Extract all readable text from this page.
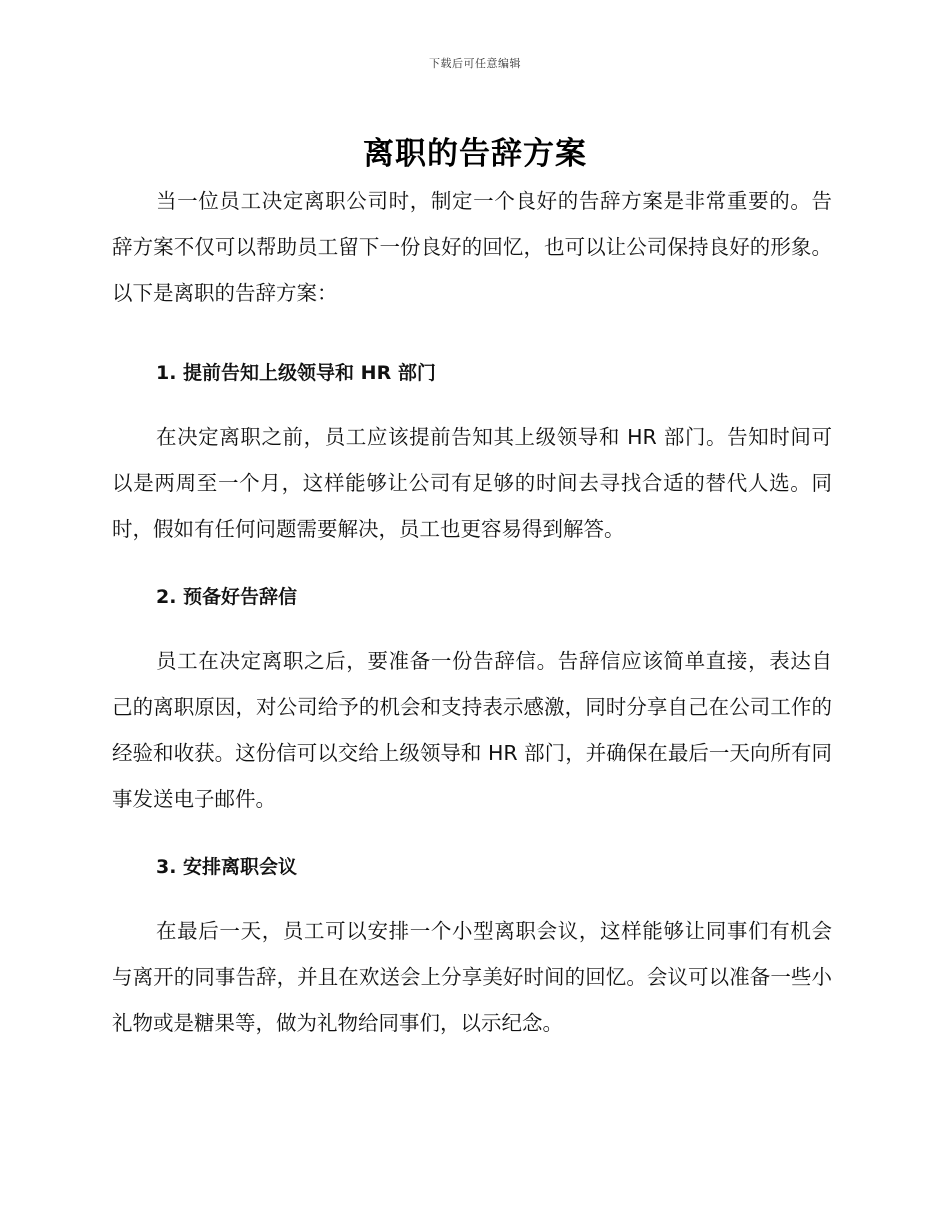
下载后可任意编辑
离职的告辞方案

当一位员工决定离职公司时，制定一个良好的告辞方案是非常重要的。告辞方案不仅可以帮助员工留下一份良好的回忆，也可以让公司保持良好的形象。以下是离职的告辞方案：

1. 提前告知上级领导和 HR 部门

在决定离职之前，员工应该提前告知其上级领导和 HR 部门。告知时间可以是两周至一个月，这样能够让公司有足够的时间去寻找合适的替代人选。同时，假如有任何问题需要解决，员工也更容易得到解答。

2. 预备好告辞信

员工在决定离职之后，要准备一份告辞信。告辞信应该简单直接，表达自己的离职原因，对公司给予的机会和支持表示感激，同时分享自己在公司工作的经验和收获。这份信可以交给上级领导和 HR 部门，并确保在最后一天向所有同事发送电子邮件。

3. 安排离职会议

在最后一天，员工可以安排一个小型离职会议，这样能够让同事们有机会与离开的同事告辞，并且在欢送会上分享美好时间的回忆。会议可以准备一些小礼物或是糖果等，做为礼物给同事们，以示纪念。
